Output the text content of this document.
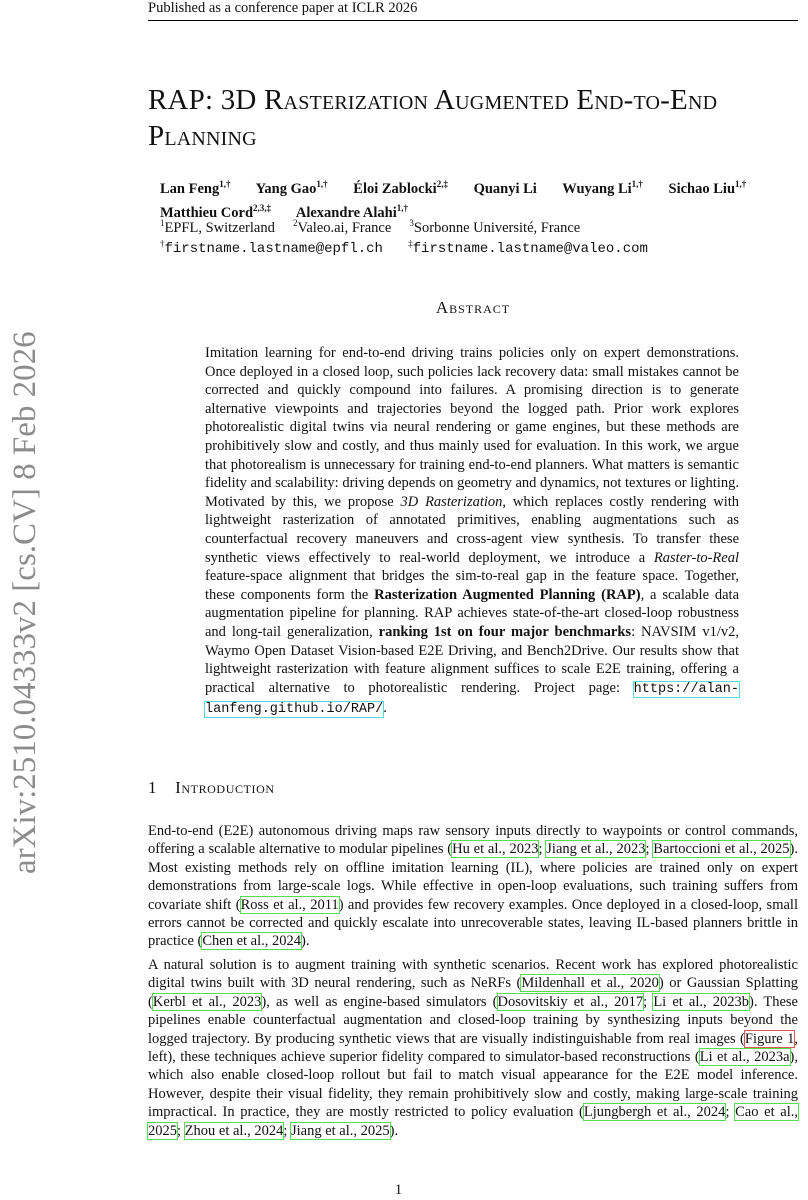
Published as a conference paper at ICLR 2026
arXiv:2510.04333v2 [cs.CV] 8 Feb 2026
RAP: 3D Rasterization Augmented End-to-End
Planning
Lan Feng$^{1,\dagger}$ Yang Gao$^{1,\dagger}$ Éloi Zablocki$^{2,\ddagger}$ Quanyi Li Wuyang $Li^{1,\dagger}$ Sichao Liu$^{1,\dagger}$
Matthieu Cord$^{2,3,\ddagger}$ Alexandre Alahi$^{1,\dagger}$
$^1$EPFL, Switzerland $^2$Valeo.ai, France $^3$Sorbonne Université, France
†firstname.lastname@epfl.ch	‡firstname.lastname@valeo.com
Abstract
Imitation learning for end-to-end driving trains policies only on expert demonstrations. Once deployed in a closed loop, such policies lack recovery data: small mistakes cannot be corrected and quickly compound into failures. A promising direction is to generate alternative viewpoints and trajectories beyond the logged path. Prior work explores photorealistic digital twins via neural rendering or game engines, but these methods are prohibitively slow and costly, and thus mainly used for evaluation. In this work, we argue that photorealism is unnecessary for training end-to-end planners. What matters is semantic fidelity and scalability: driving depends on geometry and dynamics, not textures or lighting. Motivated by this, we propose 3D Rasterization, which replaces costly rendering with lightweight rasterization of annotated primitives, enabling augmentations such as counterfactual recovery maneuvers and cross-agent view synthesis. To transfer these synthetic views effectively to real-world deployment, we introduce a Raster-to-Real feature-space alignment that bridges the sim-to-real gap in the feature space. Together, these components form the Rasterization Augmented Planning (RAP), a scalable data augmentation pipeline for planning. RAP achieves state-of-the-art closed-loop robustness and long-tail generalization, ranking 1st on four major benchmarks: NAVSIM v1/v2, Waymo Open Dataset Vision-based E2E Driving, and Bench2Drive. Our results show that lightweight rasterization with feature alignment suffices to scale E2E training, offering a practical alternative to photorealistic rendering. Project page: https://alan-lanfeng.github.io/RAP/.
1 Introduction
End-to-end (E2E) autonomous driving maps raw sensory inputs directly to waypoints or control commands, offering a scalable alternative to modular pipelines (Hu et al., 2023; Jiang et al., 2023; Bartoccioni et al., 2025). Most existing methods rely on offline imitation learning (IL), where policies are trained only on expert demonstrations from large-scale logs. While effective in open-loop evaluations, such training suffers from covariate shift (Ross et al., 2011) and provides few recovery examples. Once deployed in a closed-loop, small errors cannot be corrected and quickly escalate into unrecoverable states, leaving IL-based planners brittle in practice (Chen et al., 2024).
A natural solution is to augment training with synthetic scenarios. Recent work has explored photorealistic digital twins built with 3D neural rendering, such as NeRFs (Mildenhall et al., 2020) or Gaussian Splatting (Kerbl et al., 2023), as well as engine-based simulators (Dosovitskiy et al., 2017; Li et al., 2023b). These pipelines enable counterfactual augmentation and closed-loop training by synthesizing inputs beyond the logged trajectory. By producing synthetic views that are visually indistinguishable from real images (Figure 1, left), these techniques achieve superior fidelity compared to simulator-based reconstructions (Li et al., 2023a), which also enable closed-loop rollout but fail to match visual appearance for the E2E model inference. However, despite their visual fidelity, they remain prohibitively slow and costly, making large-scale training impractical. In practice, they are mostly restricted to policy evaluation (Ljungbergh et al., 2024; Cao et al., 2025; Zhou et al., 2024; Jiang et al., 2025).
1
